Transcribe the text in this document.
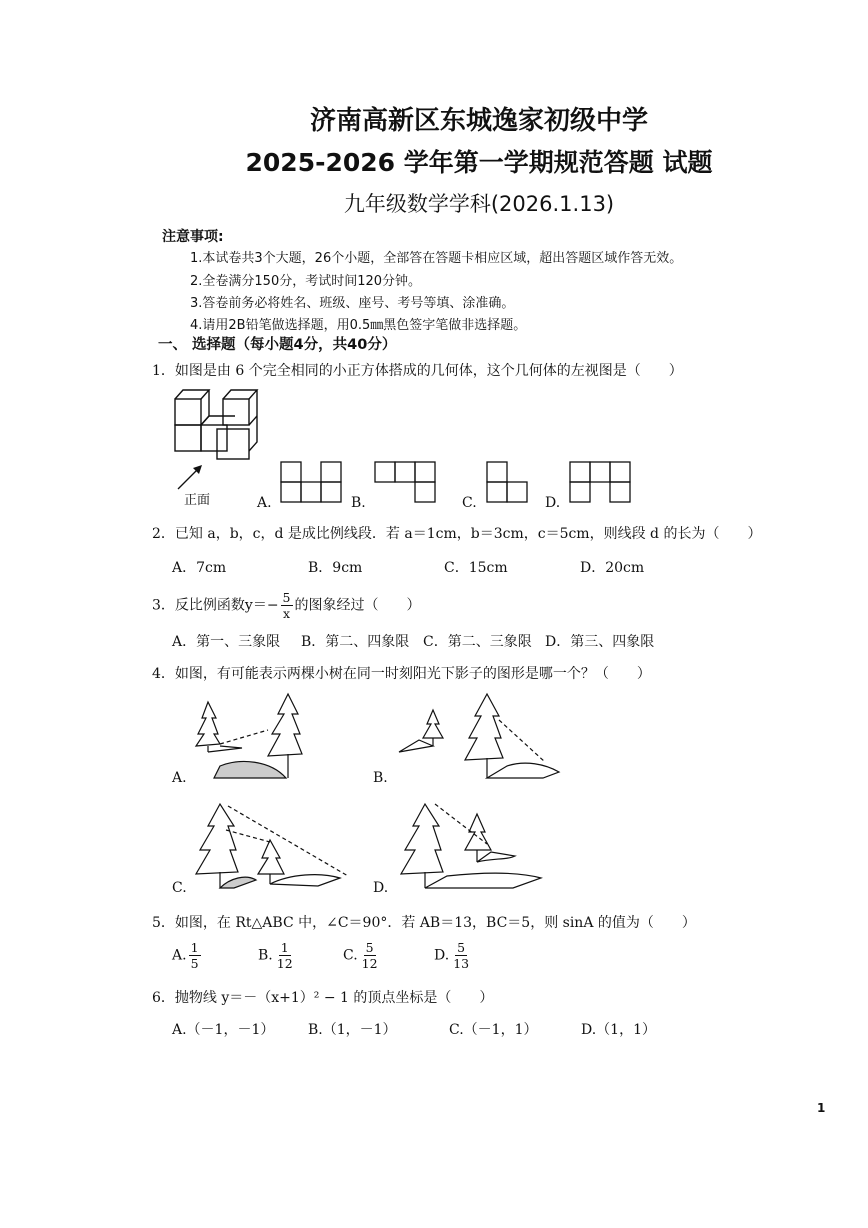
济南高新区东城逸家初级中学
2025-2026 学年第一学期规范答题 试题
九年级数学学科(2026.1.13)
注意事项:
1.本试卷共3个大题，26个小题，全部答在答题卡相应区域，超出答题区域作答无效。
2.全卷满分150分，考试时间120分钟。
3.答卷前务必将姓名、班级、座号、考号等填、涂准确。
4.请用2B铅笔做选择题，用0.5㎜黑色签字笔做非选择题。
一、 选择题（每小题4分，共40分）
1．如图是由 6 个完全相同的小正方体搭成的几何体，这个几何体的左视图是（　　）
正面	A.	B.	C.	D.
2．已知 a，b，c，d 是成比例线段．若 a＝1cm，b＝3cm，c＝5cm，则线段 d 的长为（　　）
A．7cm	B．9cm	C．15cm	D．20cm
3．反比例函数$y=- \frac{5}{x}$ 的图象经过（　　）
A．第一、三象限 B．第二、四象限 C．第二、三象限 D．第三、四象限
4．如图，有可能表示两棵小树在同一时刻阳光下影子的图形是哪一个？（　　）
A.	B.
C.	D.
5．如图，在 Rt△ABC 中，∠C＝90°．若 AB＝13，BC＝5，则 sinA 的值为（　　）
A. $\frac{1}{5}$	B. $\frac{1}{12}$	C. $\frac{5}{12}$	D. $\frac{5}{13}$
6．抛物线 y＝－（x+1）² − 1 的顶点坐标是（　　）
A.（－1，－1） B.（1，－1）	C.（－1，1）	D.（1，1）
1
